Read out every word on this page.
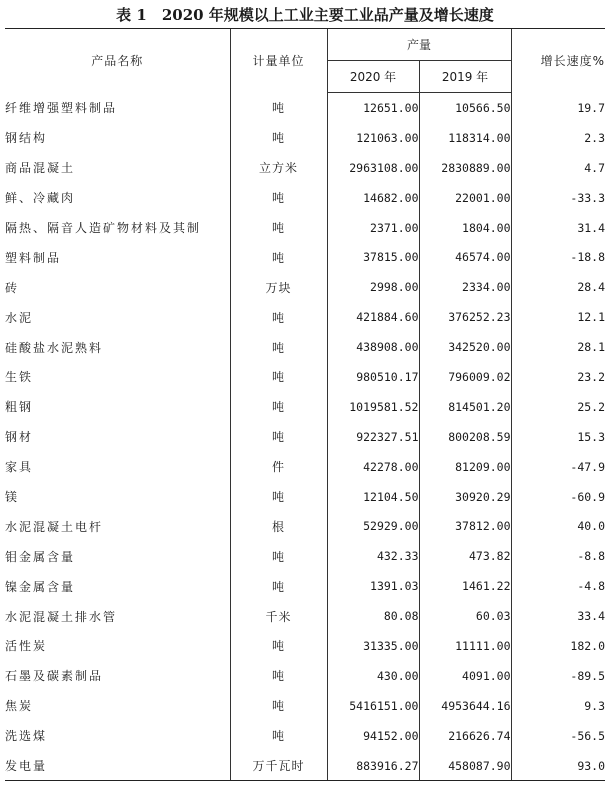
表 1　2020 年规模以上工业主要工业品产量及增长速度
产品名称	计量单位	产量		增长速度%
		2020 年	2019 年	
纤维增强塑料制品	吨	12651.00	10566.50	19.7
钢结构	吨	121063.00	118314.00	2.3
商品混凝土	立方米	2963108.00	2830889.00	4.7
鲜、冷藏肉	吨	14682.00	22001.00	-33.3
隔热、隔音人造矿物材料及其制	吨	2371.00	1804.00	31.4
塑料制品	吨	37815.00	46574.00	-18.8
砖	万块	2998.00	2334.00	28.4
水泥	吨	421884.60	376252.23	12.1
硅酸盐水泥熟料	吨	438908.00	342520.00	28.1
生铁	吨	980510.17	796009.02	23.2
粗钢	吨	1019581.52	814501.20	25.2
钢材	吨	922327.51	800208.59	15.3
家具	件	42278.00	81209.00	-47.9
镁	吨	12104.50	30920.29	-60.9
水泥混凝土电杆	根	52929.00	37812.00	40.0
钼金属含量	吨	432.33	473.82	-8.8
镍金属含量	吨	1391.03	1461.22	-4.8
水泥混凝土排水管	千米	80.08	60.03	33.4
活性炭	吨	31335.00	11111.00	182.0
石墨及碳素制品	吨	430.00	4091.00	-89.5
焦炭	吨	5416151.00	4953644.16	9.3
洗选煤	吨	94152.00	216626.74	-56.5
发电量	万千瓦时	883916.27	458087.90	93.0
